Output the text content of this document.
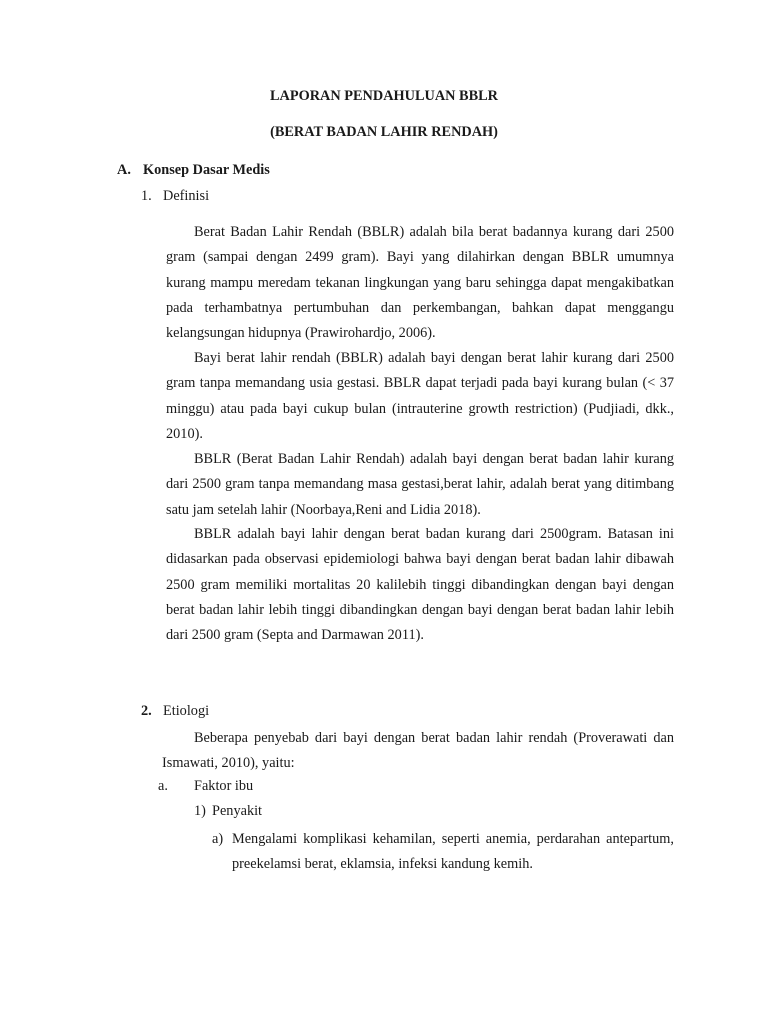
LAPORAN PENDAHULUAN BBLR
(BERAT BADAN LAHIR RENDAH)
A. Konsep Dasar Medis
1. Definisi

Berat Badan Lahir Rendah (BBLR) adalah bila berat badannya kurang dari 2500 gram (sampai dengan 2499 gram). Bayi yang dilahirkan dengan BBLR umumnya kurang mampu meredam tekanan lingkungan yang baru sehingga dapat mengakibatkan pada terhambatnya pertumbuhan dan perkembangan, bahkan dapat menggangu kelangsungan hidupnya (Prawirohardjo, 2006).

Bayi berat lahir rendah (BBLR) adalah bayi dengan berat lahir kurang dari 2500 gram tanpa memandang usia gestasi. BBLR dapat terjadi pada bayi kurang bulan (< 37 minggu) atau pada bayi cukup bulan (intrauterine growth restriction) (Pudjiadi, dkk., 2010).

BBLR (Berat Badan Lahir Rendah) adalah bayi dengan berat badan lahir kurang dari 2500 gram tanpa memandang masa gestasi,berat lahir, adalah berat yang ditimbang satu jam setelah lahir (Noorbaya,Reni and Lidia 2018).

BBLR adalah bayi lahir dengan berat badan kurang dari 2500gram. Batasan ini didasarkan pada observasi epidemiologi bahwa bayi dengan berat badan lahir dibawah 2500 gram memiliki mortalitas 20 kalilebih tinggi dibandingkan dengan bayi dengan berat badan lahir lebih tinggi dibandingkan dengan bayi dengan berat badan lahir lebih dari 2500 gram (Septa and Darmawan 2011).

2. Etiologi

Beberapa penyebab dari bayi dengan berat badan lahir rendah (Proverawati dan Ismawati, 2010), yaitu:

a. Faktor ibu
1) Penyakit
a) Mengalami komplikasi kehamilan, seperti anemia, perdarahan antepartum, preekelamsi berat, eklamsia, infeksi kandung kemih.
